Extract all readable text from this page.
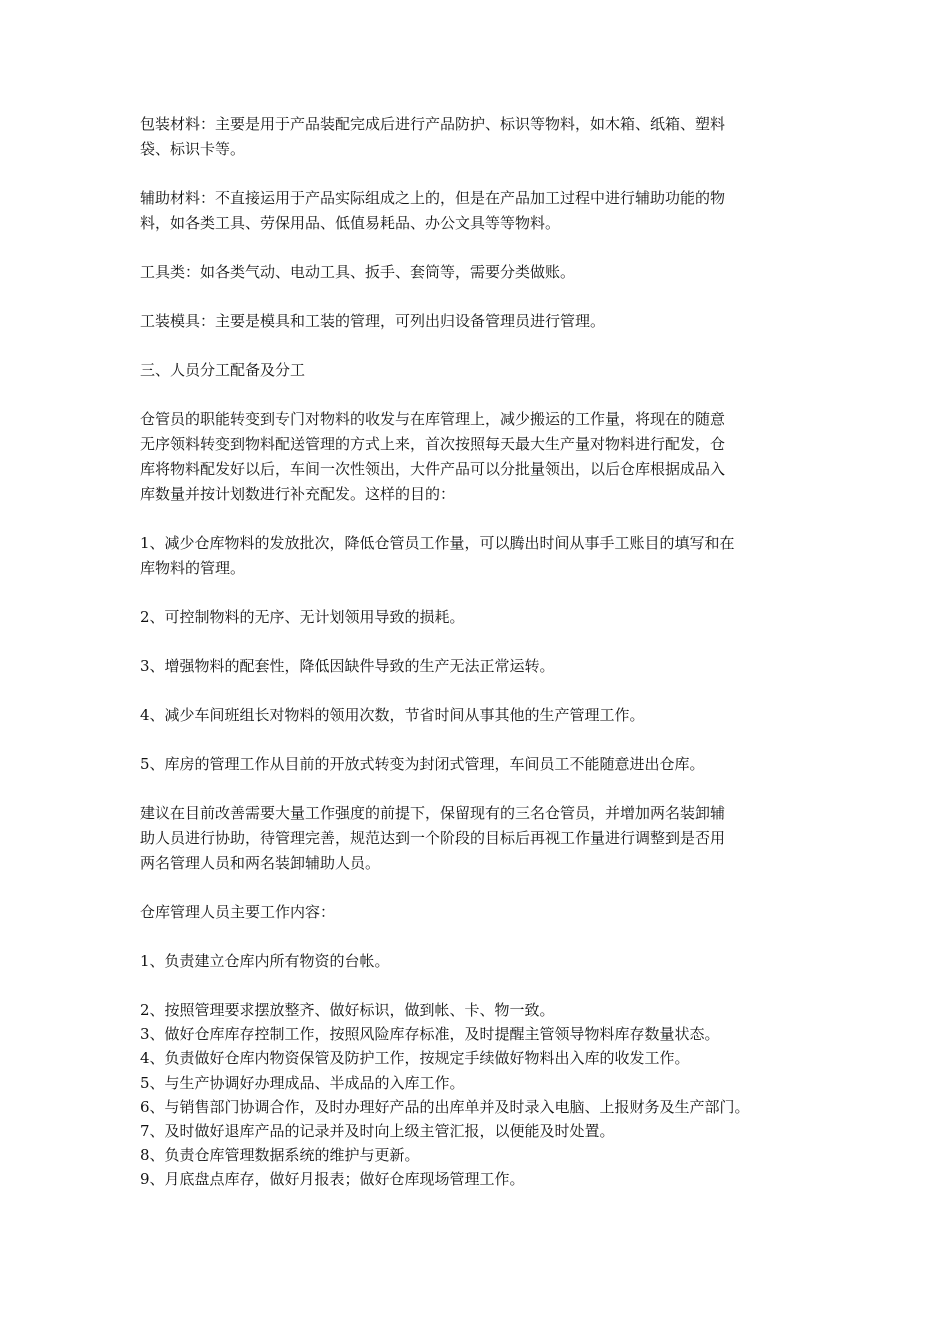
包装材料：主要是用于产品装配完成后进行产品防护、标识等物料，如木箱、纸箱、塑料
袋、标识卡等。

辅助材料：不直接运用于产品实际组成之上的，但是在产品加工过程中进行辅助功能的物
料，如各类工具、劳保用品、低值易耗品、办公文具等等物料。

工具类：如各类气动、电动工具、扳手、套筒等，需要分类做账。

工装模具：主要是模具和工装的管理，可列出归设备管理员进行管理。

三、人员分工配备及分工

仓管员的职能转变到专门对物料的收发与在库管理上，减少搬运的工作量，将现在的随意
无序领料转变到物料配送管理的方式上来，首次按照每天最大生产量对物料进行配发，仓
库将物料配发好以后，车间一次性领出，大件产品可以分批量领出，以后仓库根据成品入
库数量并按计划数进行补充配发。这样的目的：

1、减少仓库物料的发放批次，降低仓管员工作量，可以腾出时间从事手工账目的填写和在
库物料的管理。

2、可控制物料的无序、无计划领用导致的损耗。

3、增强物料的配套性，降低因缺件导致的生产无法正常运转。

4、减少车间班组长对物料的领用次数，节省时间从事其他的生产管理工作。

5、库房的管理工作从目前的开放式转变为封闭式管理，车间员工不能随意进出仓库。

建议在目前改善需要大量工作强度的前提下，保留现有的三名仓管员，并增加两名装卸辅
助人员进行协助，待管理完善，规范达到一个阶段的目标后再视工作量进行调整到是否用
两名管理人员和两名装卸辅助人员。

仓库管理人员主要工作内容：

1、负责建立仓库内所有物资的台帐。

2、按照管理要求摆放整齐、做好标识，做到帐、卡、物一致。
3、做好仓库库存控制工作，按照风险库存标准，及时提醒主管领导物料库存数量状态。
4、负责做好仓库内物资保管及防护工作，按规定手续做好物料出入库的收发工作。
5、与生产协调好办理成品、半成品的入库工作。
6、与销售部门协调合作，及时办理好产品的出库单并及时录入电脑、上报财务及生产部门。
7、及时做好退库产品的记录并及时向上级主管汇报，以便能及时处置。
8、负责仓库管理数据系统的维护与更新。
9、月底盘点库存，做好月报表；做好仓库现场管理工作。
